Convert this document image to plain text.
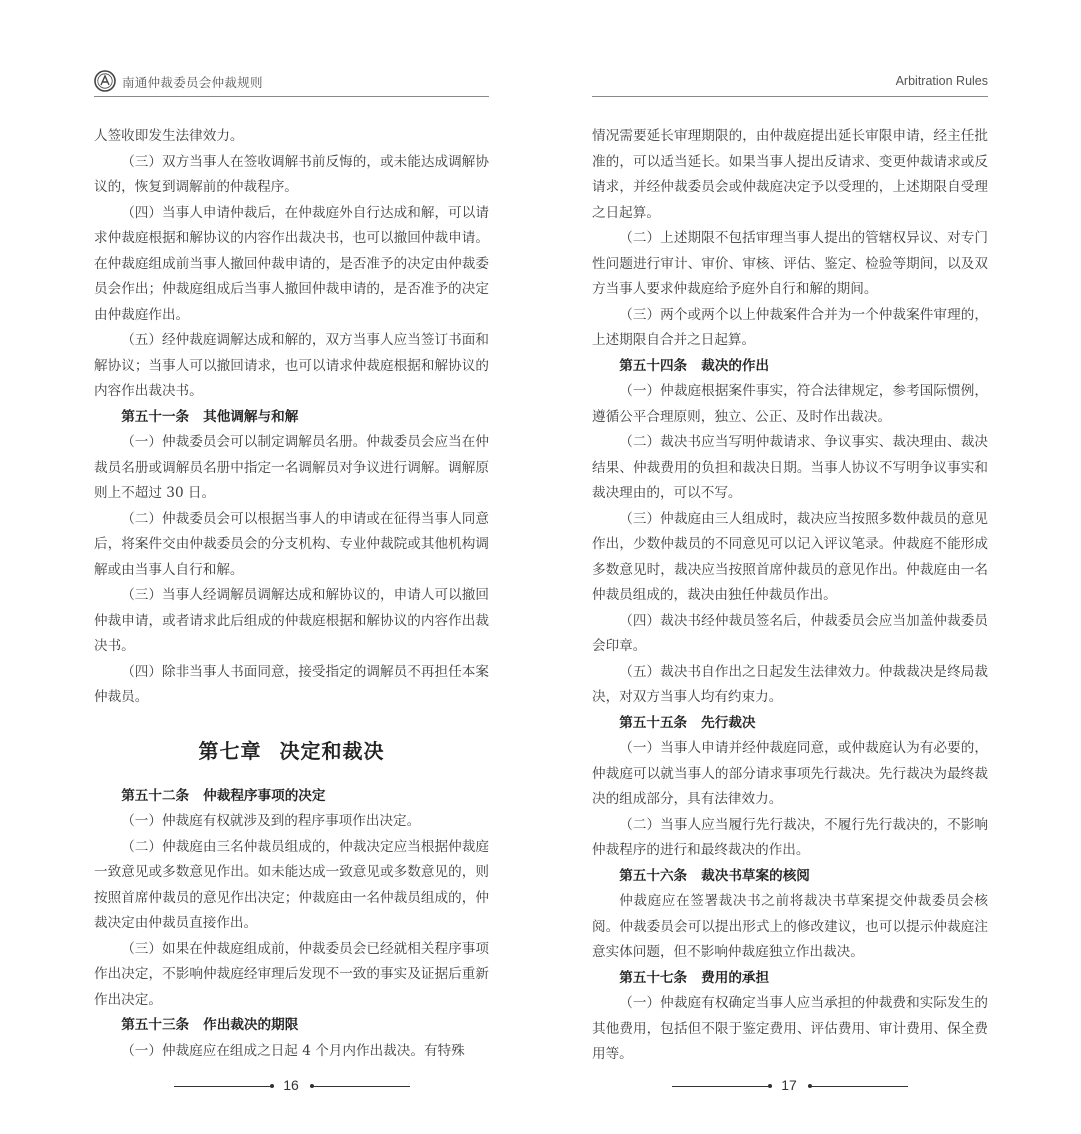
南通仲裁委员会仲裁规则

人签收即发生法律效力。

（三）双方当事人在签收调解书前反悔的，或未能达成调解协议的，恢复到调解前的仲裁程序。

（四）当事人申请仲裁后，在仲裁庭外自行达成和解，可以请求仲裁庭根据和解协议的内容作出裁决书，也可以撤回仲裁申请。在仲裁庭组成前当事人撤回仲裁申请的，是否准予的决定由仲裁委员会作出；仲裁庭组成后当事人撤回仲裁申请的，是否准予的决定由仲裁庭作出。

（五）经仲裁庭调解达成和解的，双方当事人应当签订书面和解协议；当事人可以撤回请求，也可以请求仲裁庭根据和解协议的内容作出裁决书。

第五十一条 其他调解与和解

（一）仲裁委员会可以制定调解员名册。仲裁委员会应当在仲裁员名册或调解员名册中指定一名调解员对争议进行调解。调解原则上不超过 30 日。

（二）仲裁委员会可以根据当事人的申请或在征得当事人同意后，将案件交由仲裁委员会的分支机构、专业仲裁院或其他机构调解或由当事人自行和解。

（三）当事人经调解员调解达成和解协议的，申请人可以撤回仲裁申请，或者请求此后组成的仲裁庭根据和解协议的内容作出裁决书。

（四）除非当事人书面同意，接受指定的调解员不再担任本案仲裁员。

第七章 决定和裁决

第五十二条 仲裁程序事项的决定

（一）仲裁庭有权就涉及到的程序事项作出决定。

（二）仲裁庭由三名仲裁员组成的，仲裁决定应当根据仲裁庭一致意见或多数意见作出。如未能达成一致意见或多数意见的，则按照首席仲裁员的意见作出决定；仲裁庭由一名仲裁员组成的，仲裁决定由仲裁员直接作出。

（三）如果在仲裁庭组成前，仲裁委员会已经就相关程序事项作出决定，不影响仲裁庭经审理后发现不一致的事实及证据后重新作出决定。

第五十三条 作出裁决的期限

（一）仲裁庭应在组成之日起 4 个月内作出裁决。有特殊

16
Arbitration Rules

情况需要延长审理期限的，由仲裁庭提出延长审限申请，经主任批准的，可以适当延长。如果当事人提出反请求、变更仲裁请求或反请求，并经仲裁委员会或仲裁庭决定予以受理的，上述期限自受理之日起算。

（二）上述期限不包括审理当事人提出的管辖权异议、对专门性问题进行审计、审价、审核、评估、鉴定、检验等期间，以及双方当事人要求仲裁庭给予庭外自行和解的期间。

（三）两个或两个以上仲裁案件合并为一个仲裁案件审理的，上述期限自合并之日起算。

第五十四条 裁决的作出

（一）仲裁庭根据案件事实，符合法律规定，参考国际惯例，遵循公平合理原则，独立、公正、及时作出裁决。

（二）裁决书应当写明仲裁请求、争议事实、裁决理由、裁决结果、仲裁费用的负担和裁决日期。当事人协议不写明争议事实和裁决理由的，可以不写。

（三）仲裁庭由三人组成时，裁决应当按照多数仲裁员的意见作出，少数仲裁员的不同意见可以记入评议笔录。仲裁庭不能形成多数意见时，裁决应当按照首席仲裁员的意见作出。仲裁庭由一名仲裁员组成的，裁决由独任仲裁员作出。

（四）裁决书经仲裁员签名后，仲裁委员会应当加盖仲裁委员会印章。

（五）裁决书自作出之日起发生法律效力。仲裁裁决是终局裁决，对双方当事人均有约束力。

第五十五条 先行裁决

（一）当事人申请并经仲裁庭同意，或仲裁庭认为有必要的，仲裁庭可以就当事人的部分请求事项先行裁决。先行裁决为最终裁决的组成部分，具有法律效力。

（二）当事人应当履行先行裁决，不履行先行裁决的，不影响仲裁程序的进行和最终裁决的作出。

第五十六条 裁决书草案的核阅

仲裁庭应在签署裁决书之前将裁决书草案提交仲裁委员会核阅。仲裁委员会可以提出形式上的修改建议，也可以提示仲裁庭注意实体问题，但不影响仲裁庭独立作出裁决。

第五十七条 费用的承担

（一）仲裁庭有权确定当事人应当承担的仲裁费和实际发生的其他费用，包括但不限于鉴定费用、评估费用、审计费用、保全费用等。

17
